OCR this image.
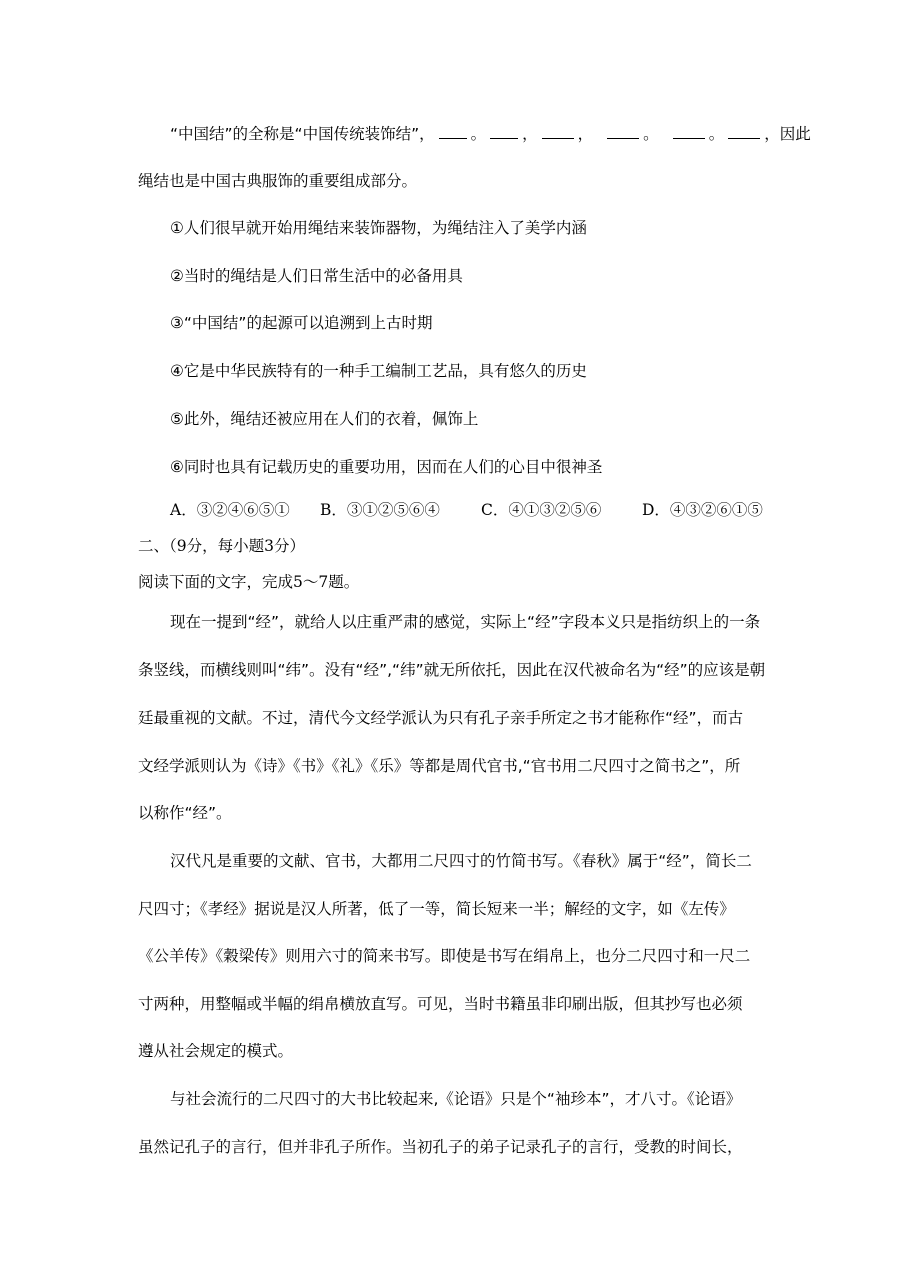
“中国结”的全称是“中国传统装饰结”， 。 ，	，	。	。	，因此
绳结也是中国古典服饰的重要组成部分。
①人们很早就开始用绳结来装饰器物，为绳结注入了美学内涵
②当时的绳结是人们日常生活中的必备用具
③“中国结”的起源可以追溯到上古时期
④它是中华民族特有的一种手工编制工艺品，具有悠久的历史
⑤此外，绳结还被应用在人们的衣着，佩饰上
⑥同时也具有记载历史的重要功用，因而在人们的心目中很神圣
A．③②④⑥⑤① B．③①②⑤⑥④	C．④①③②⑤⑥	D．④③②⑥①⑤
二、（9分，每小题3分）
阅读下面的文字，完成5～7题。
现在一提到“经”，就给人以庄重严肃的感觉，实际上“经”字段本义只是指纺织上的一条
条竖线，而横线则叫“纬”。没有“经”,“纬”就无所依托，因此在汉代被命名为“经”的应该是朝
廷最重视的文献。不过，清代今文经学派认为只有孔子亲手所定之书才能称作“经”，而古
文经学派则认为《诗》《书》《礼》《乐》等都是周代官书,“官书用二尺四寸之简书之”，所
以称作“经”。
汉代凡是重要的文献、官书，大都用二尺四寸的竹简书写。《春秋》属于“经”，简长二
尺四寸；《孝经》据说是汉人所著，低了一等，简长短来一半；解经的文字，如《左传》
《公羊传》《穀梁传》则用六寸的简来书写。即使是书写在绢帛上，也分二尺四寸和一尺二
寸两种，用整幅或半幅的绢帛横放直写。可见，当时书籍虽非印刷出版，但其抄写也必须
遵从社会规定的模式。
与社会流行的二尺四寸的大书比较起来,《论语》只是个“袖珍本”，才八寸。《论语》
虽然记孔子的言行，但并非孔子所作。当初孔子的弟子记录孔子的言行，受教的时间长，
